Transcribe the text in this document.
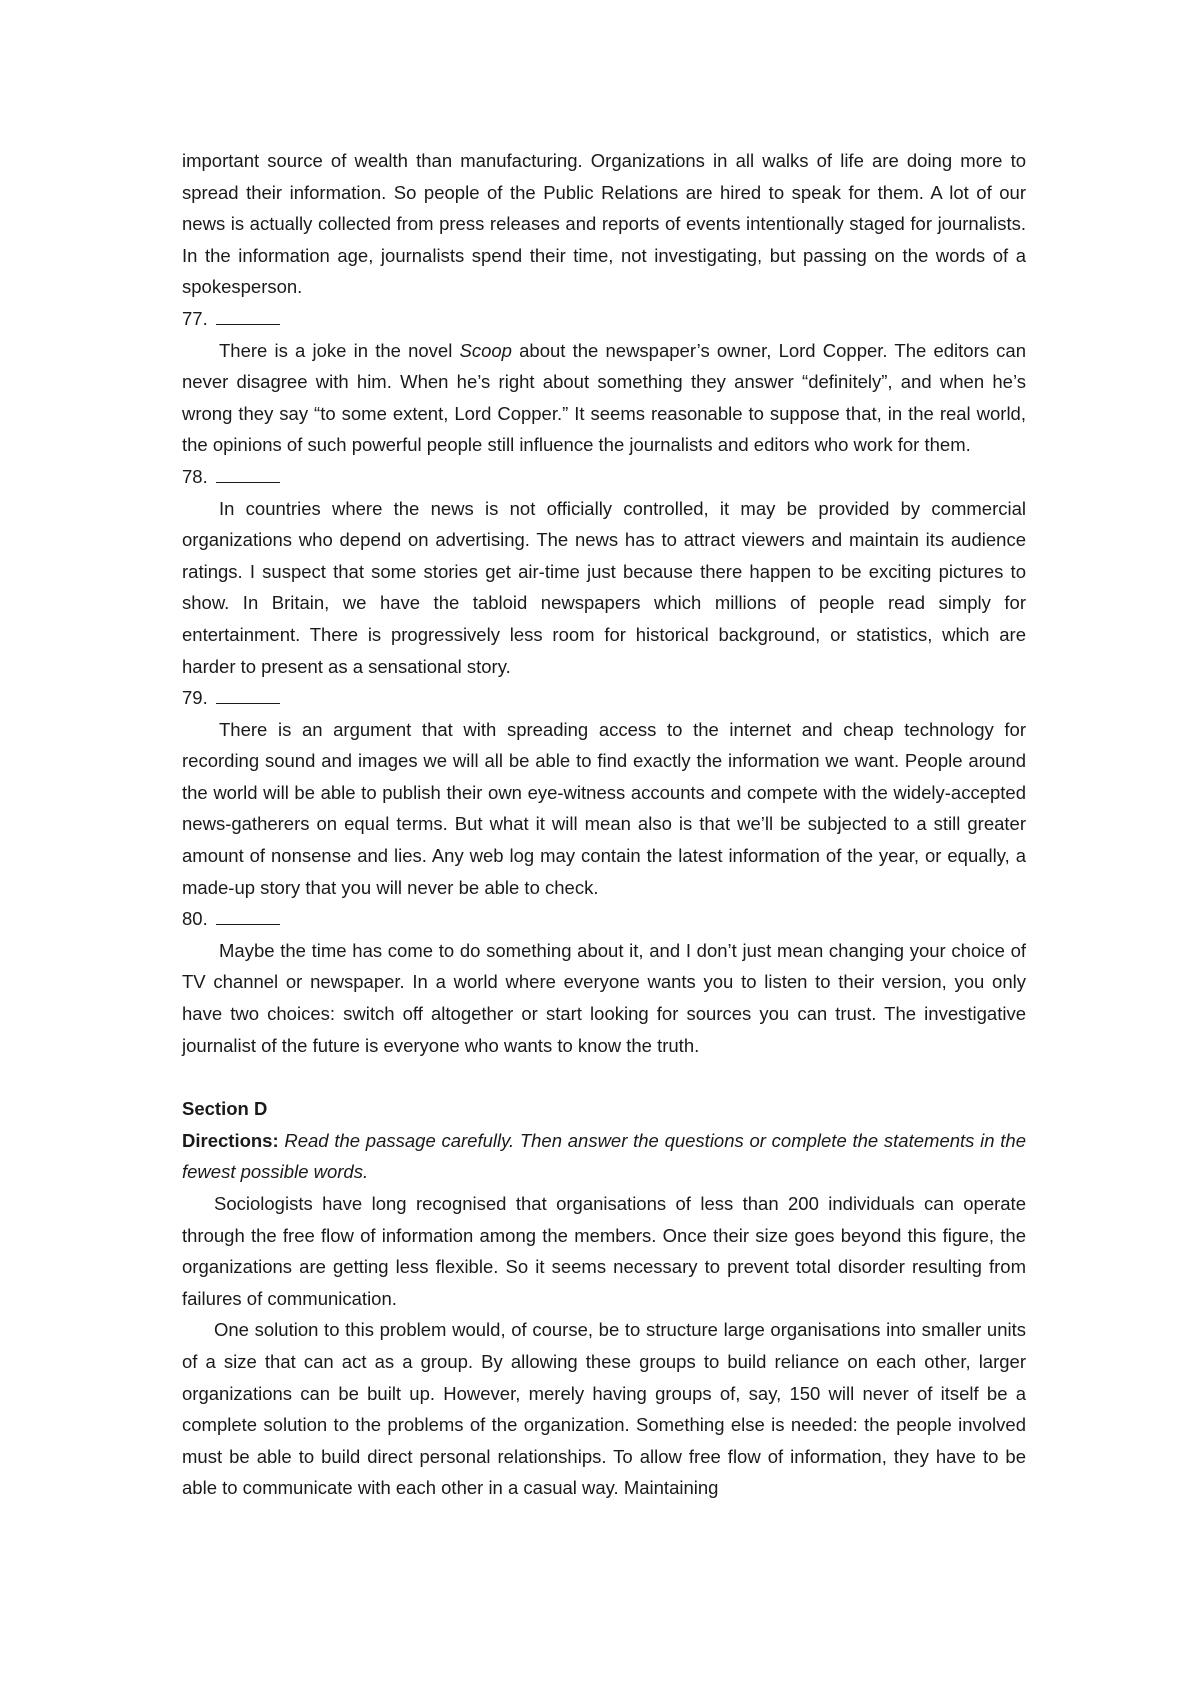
important source of wealth than manufacturing. Organizations in all walks of life are doing more to spread their information. So people of the Public Relations are hired to speak for them. A lot of our news is actually collected from press releases and reports of events intentionally staged for journalists. In the information age, journalists spend their time, not investigating, but passing on the words of a spokesperson.

77.

There is a joke in the novel Scoop about the newspaper’s owner, Lord Copper. The editors can never disagree with him. When he’s right about something they answer “definitely”, and when he’s wrong they say “to some extent, Lord Copper.” It seems reasonable to suppose that, in the real world, the opinions of such powerful people still influence the journalists and editors who work for them.

78.

In countries where the news is not officially controlled, it may be provided by commercial organizations who depend on advertising. The news has to attract viewers and maintain its audience ratings. I suspect that some stories get air-time just because there happen to be exciting pictures to show. In Britain, we have the tabloid newspapers which millions of people read simply for entertainment. There is progressively less room for historical background, or statistics, which are harder to present as a sensational story.

79.

There is an argument that with spreading access to the internet and cheap technology for recording sound and images we will all be able to find exactly the information we want. People around the world will be able to publish their own eye-witness accounts and compete with the widely-accepted news-gatherers on equal terms. But what it will mean also is that we’ll be subjected to a still greater amount of nonsense and lies. Any web log may contain the latest information of the year, or equally, a made-up story that you will never be able to check.

80.

Maybe the time has come to do something about it, and I don’t just mean changing your choice of TV channel or newspaper. In a world where everyone wants you to listen to their version, you only have two choices: switch off altogether or start looking for sources you can trust. The investigative journalist of the future is everyone who wants to know the truth.

Section D

Directions: Read the passage carefully. Then answer the questions or complete the statements in the fewest possible words.

Sociologists have long recognised that organisations of less than 200 individuals can operate through the free flow of information among the members. Once their size goes beyond this figure, the organizations are getting less flexible. So it seems necessary to prevent total disorder resulting from failures of communication.

One solution to this problem would, of course, be to structure large organisations into smaller units of a size that can act as a group. By allowing these groups to build reliance on each other, larger organizations can be built up. However, merely having groups of, say, 150 will never of itself be a complete solution to the problems of the organization. Something else is needed: the people involved must be able to build direct personal relationships. To allow free flow of information, they have to be able to communicate with each other in a casual way. Maintaining
